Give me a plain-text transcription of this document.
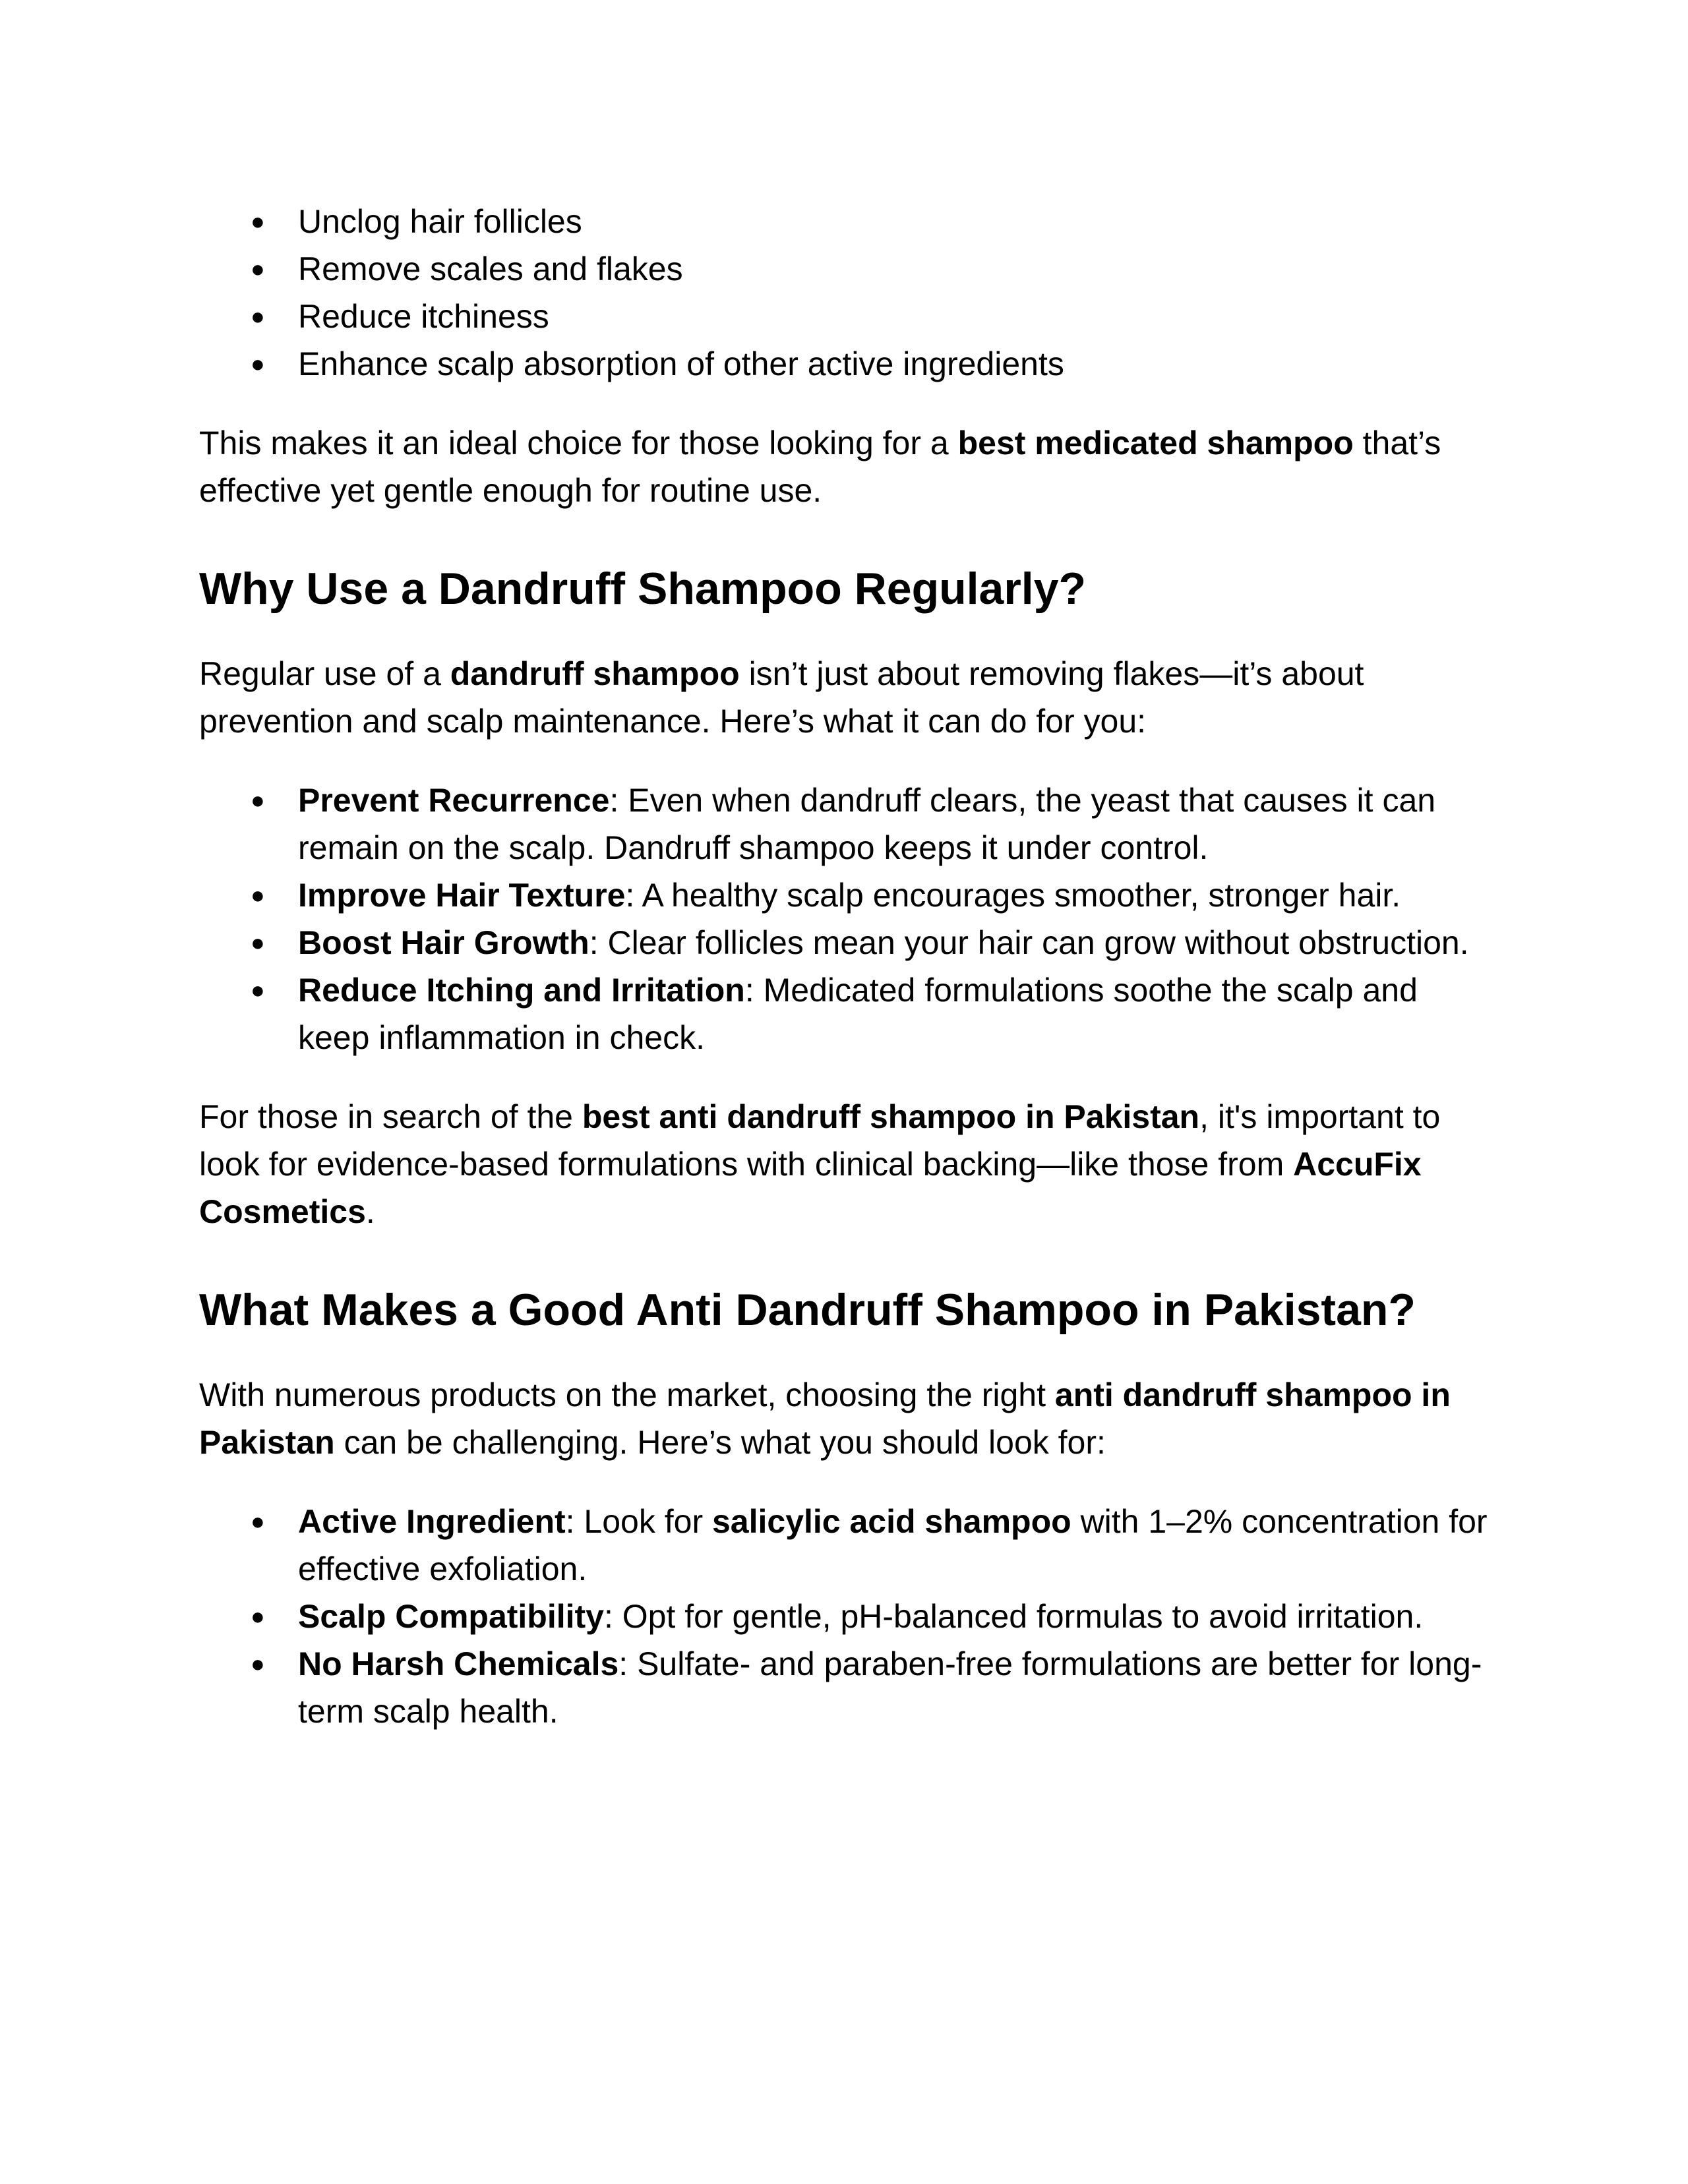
● Unclog hair follicles
● Remove scales and flakes
● Reduce itchiness
● Enhance scalp absorption of other active ingredients

This makes it an ideal choice for those looking for a best medicated shampoo that’s effective yet gentle enough for routine use.

Why Use a Dandruff Shampoo Regularly?

Regular use of a dandruff shampoo isn’t just about removing flakes—it’s about prevention and scalp maintenance. Here’s what it can do for you:

● Prevent Recurrence: Even when dandruff clears, the yeast that causes it can remain on the scalp. Dandruff shampoo keeps it under control.
● Improve Hair Texture: A healthy scalp encourages smoother, stronger hair.
● Boost Hair Growth: Clear follicles mean your hair can grow without obstruction.
● Reduce Itching and Irritation: Medicated formulations soothe the scalp and keep inflammation in check.

For those in search of the best anti dandruff shampoo in Pakistan, it's important to look for evidence-based formulations with clinical backing—like those from AccuFix Cosmetics.

What Makes a Good Anti Dandruff Shampoo in Pakistan?

With numerous products on the market, choosing the right anti dandruff shampoo in Pakistan can be challenging. Here’s what you should look for:

● Active Ingredient: Look for salicylic acid shampoo with 1–2% concentration for effective exfoliation.
● Scalp Compatibility: Opt for gentle, pH-balanced formulas to avoid irritation.
● No Harsh Chemicals: Sulfate- and paraben-free formulations are better for long-term scalp health.
